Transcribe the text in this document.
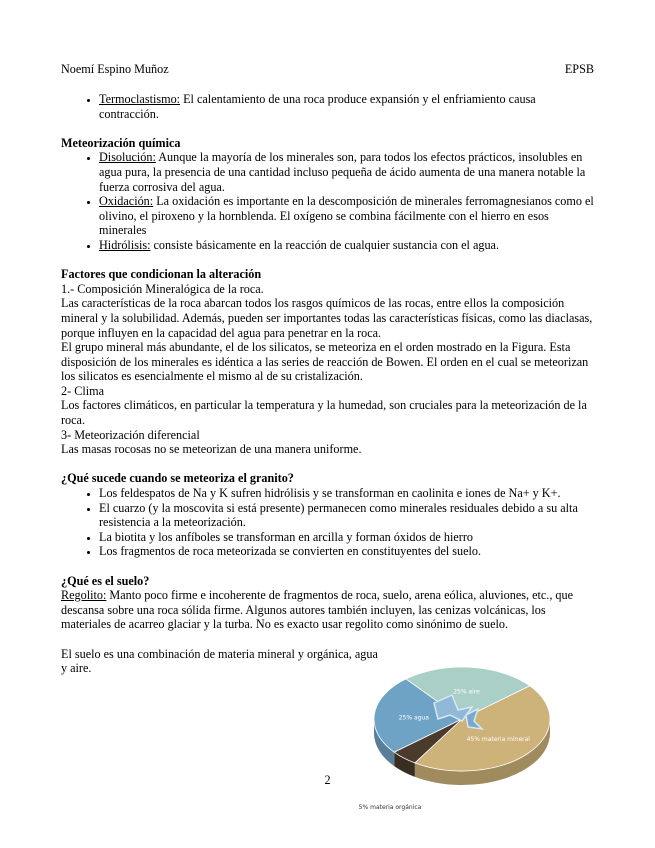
Noemí Espino Muñoz	EPSB
• Termoclastismo: El calentamiento de una roca produce expansión y el enfriamiento causa contracción.
Meteorización química
• Disolución: Aunque la mayoría de los minerales son, para todos los efectos prácticos, insolubles en agua pura, la presencia de una cantidad incluso pequeña de ácido aumenta de una manera notable la fuerza corrosiva del agua.
• Oxidación: La oxidación es importante en la descomposición de minerales ferromagnesianos como el olivino, el piroxeno y la hornblenda. El oxígeno se combina fácilmente con el hierro en esos minerales
• Hidrólisis: consiste básicamente en la reacción de cualquier sustancia con el agua.
Factores que condicionan la alteración

1.- Composición Mineralógica de la roca.

Las características de la roca abarcan todos los rasgos químicos de las rocas, entre ellos la composición mineral y la solubilidad. Además, pueden ser importantes todas las características físicas, como las diaclasas, porque influyen en la capacidad del agua para penetrar en la roca.

El grupo mineral más abundante, el de los silicatos, se meteoriza en el orden mostrado en la Figura. Esta disposición de los minerales es idéntica a las series de reacción de Bowen. El orden en el cual se meteorizan los silicatos es esencialmente el mismo al de su cristalización.

2- Clima

Los factores climáticos, en particular la temperatura y la humedad, son cruciales para la meteorización de la roca.

3- Meteorización diferencial

Las masas rocosas no se meteorizan de una manera uniforme.

¿Qué sucede cuando se meteoriza el granito?
• Los feldespatos de Na y K sufren hidrólisis y se transforman en caolinita e iones de Na+ y K+.
• El cuarzo (y la moscovita si está presente) permanecen como minerales residuales debido a su alta resistencia a la meteorización.
• La biotita y los anfíboles se transforman en arcilla y forman óxidos de hierro
• Los fragmentos de roca meteorizada se convierten en constituyentes del suelo.
¿Qué es el suelo?

Regolito: Manto poco firme e incoherente de fragmentos de roca, suelo, arena eólica, aluviones, etc., que descansa sobre una roca sólida firme. Algunos autores también incluyen, las cenizas volcánicas, los materiales de acarreo glaciar y la turba. No es exacto usar regolito como sinónimo de suelo.

El suelo es una combinación de materia mineral y orgánica, agua y aire.

25% aire
45% materia mineral
5% materia orgánica
25% agua
2
